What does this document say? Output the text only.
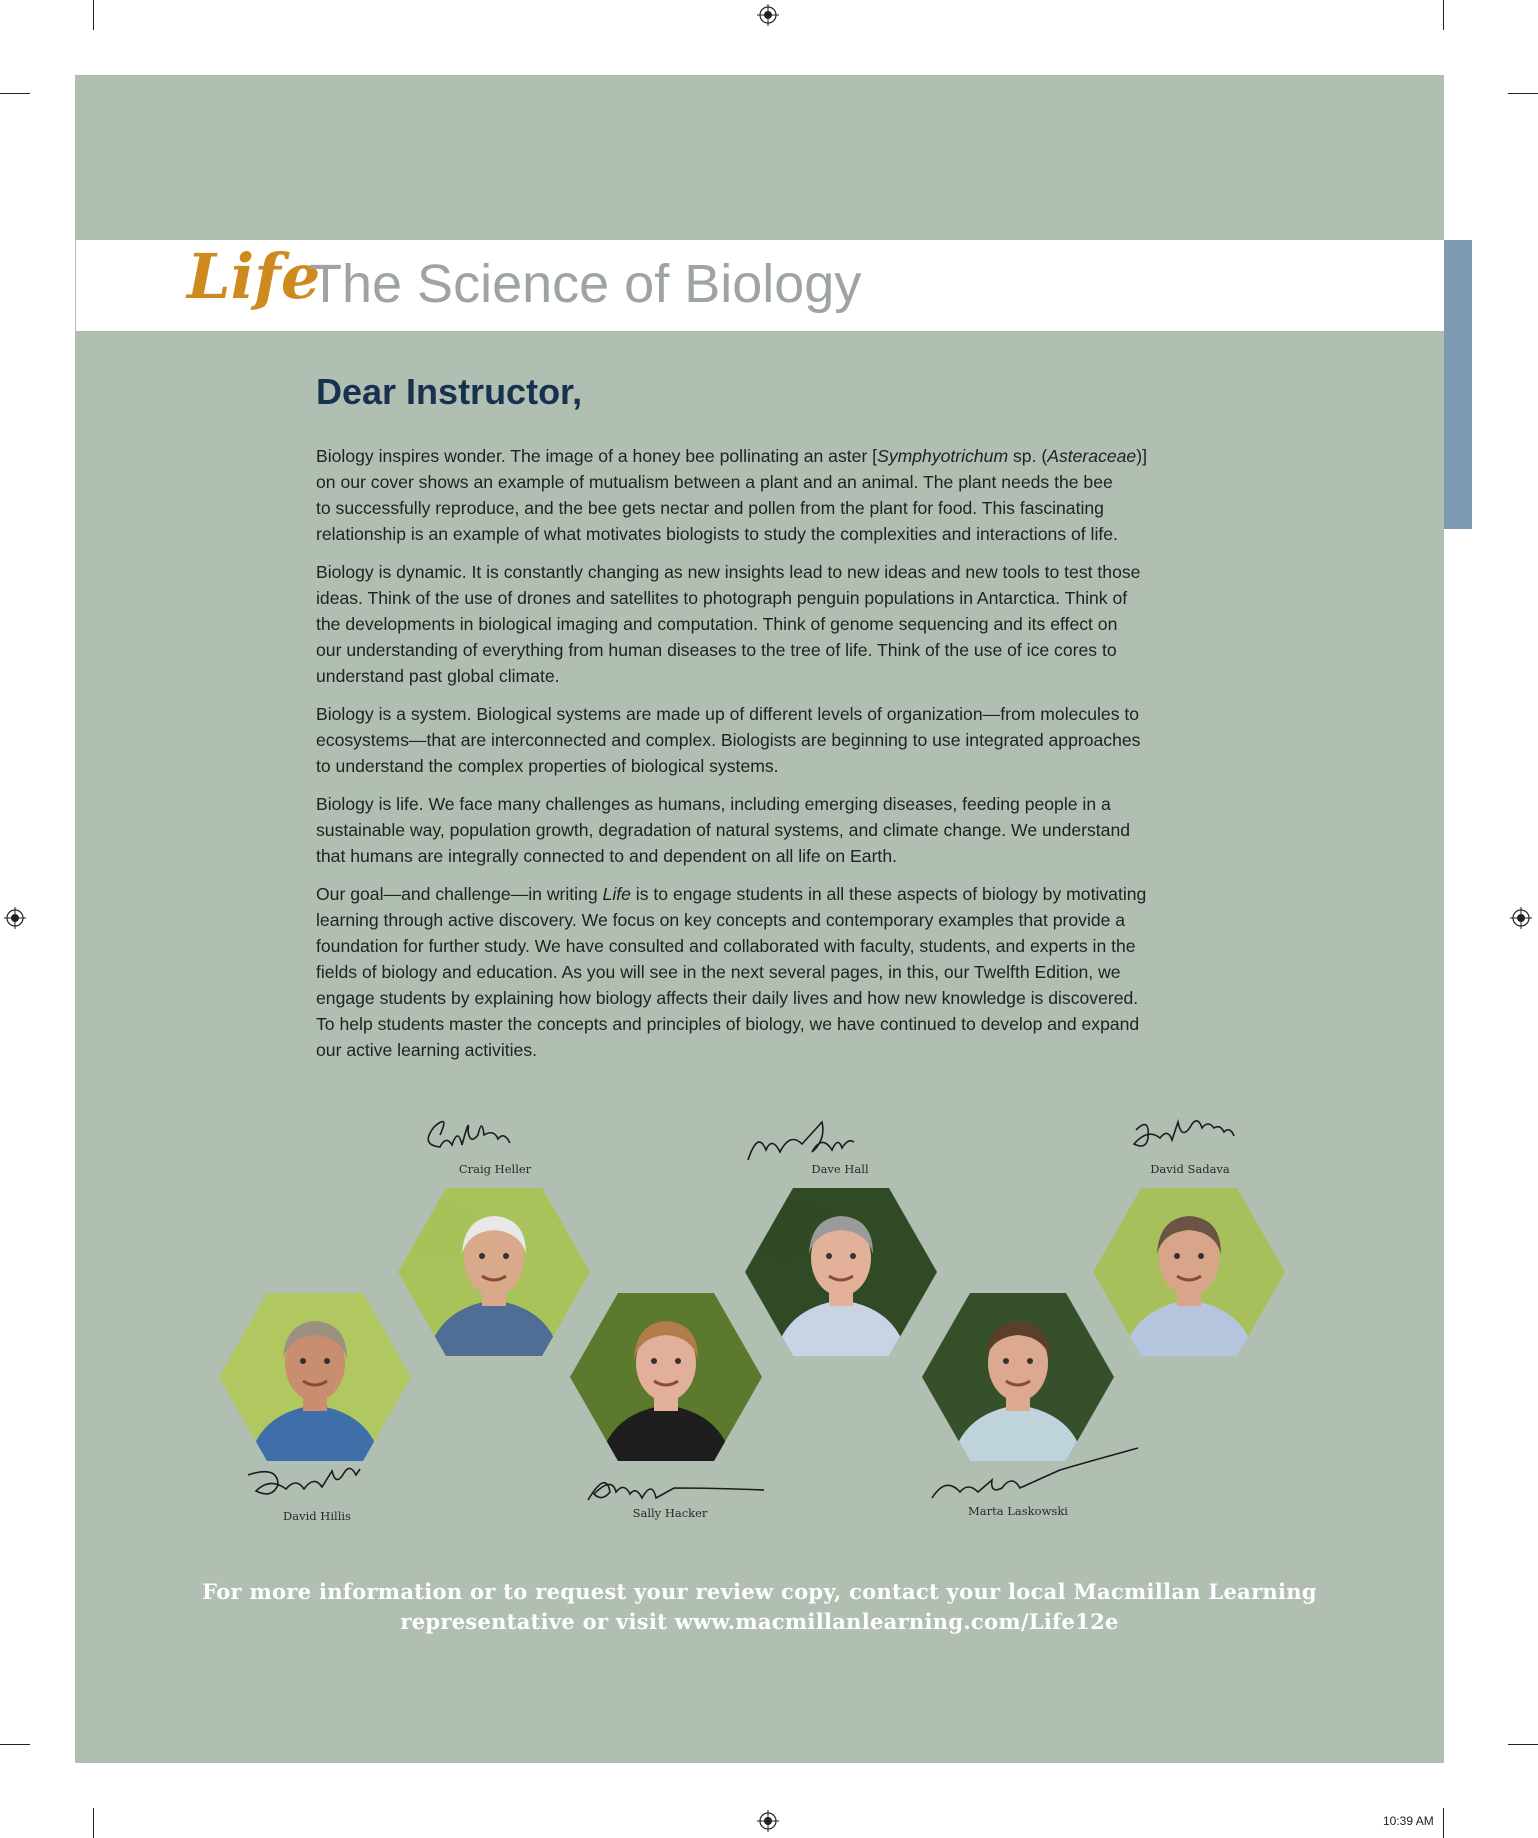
Life
The Science of Biology
Dear Instructor,

Biology inspires wonder. The image of a honey bee pollinating an aster [Symphyotrichum sp. (Asteraceae)]
on our cover shows an example of mutualism between a plant and an animal. The plant needs the bee
to successfully reproduce, and the bee gets nectar and pollen from the plant for food. This fascinating
relationship is an example of what motivates biologists to study the complexities and interactions of life.

Biology is dynamic. It is constantly changing as new insights lead to new ideas and new tools to test those
ideas. Think of the use of drones and satellites to photograph penguin populations in Antarctica. Think of
the developments in biological imaging and computation. Think of genome sequencing and its effect on
our understanding of everything from human diseases to the tree of life. Think of the use of ice cores to
understand past global climate.

Biology is a system. Biological systems are made up of different levels of organization—from molecules to
ecosystems—that are interconnected and complex. Biologists are beginning to use integrated approaches
to understand the complex properties of biological systems.

Biology is life. We face many challenges as humans, including emerging diseases, feeding people in a
sustainable way, population growth, degradation of natural systems, and climate change. We understand
that humans are integrally connected to and dependent on all life on Earth.

Our goal—and challenge—in writing Life is to engage students in all these aspects of biology by motivating
learning through active discovery. We focus on key concepts and contemporary examples that provide a
foundation for further study. We have consulted and collaborated with faculty, students, and experts in the
fields of biology and education. As you will see in the next several pages, in this, our Twelfth Edition, we
engage students by explaining how biology affects their daily lives and how new knowledge is discovered.
To help students master the concepts and principles of biology, we have continued to develop and expand
our active learning activities.

Craig Heller	Dave Hall	David Sadava
David Hillis	Sally Hacker	Marta Laskowski
For more information or to request your review copy, contact your local Macmillan Learning
representative or visit www.macmillanlearning.com/Life12e
10:39 AM
